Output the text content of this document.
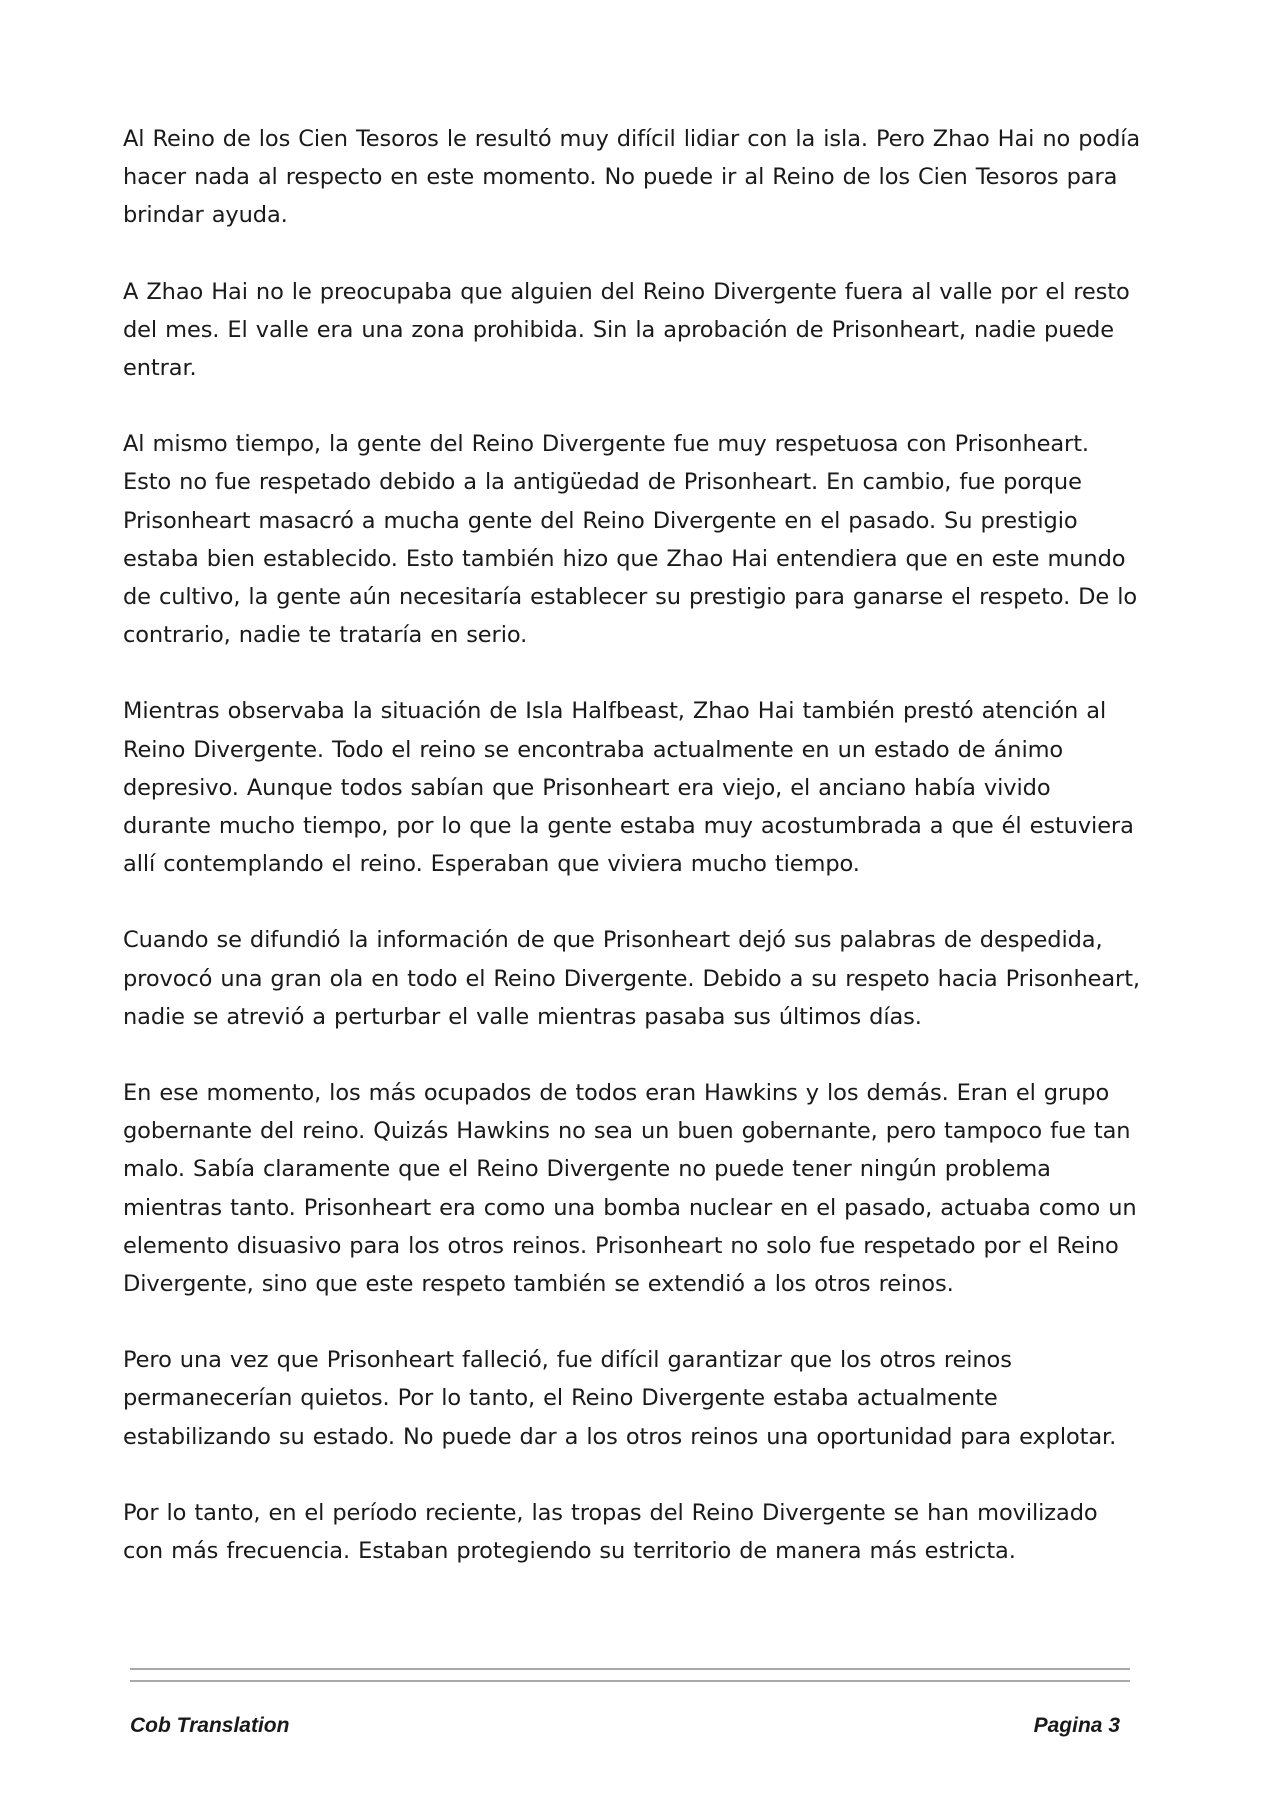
Al Reino de los Cien Tesoros le resultó muy difícil lidiar con la isla. Pero Zhao Hai no podía hacer nada al respecto en este momento. No puede ir al Reino de los Cien Tesoros para brindar ayuda.

A Zhao Hai no le preocupaba que alguien del Reino Divergente fuera al valle por el resto del mes. El valle era una zona prohibida. Sin la aprobación de Prisonheart, nadie puede entrar.

Al mismo tiempo, la gente del Reino Divergente fue muy respetuosa con Prisonheart. Esto no fue respetado debido a la antigüedad de Prisonheart. En cambio, fue porque Prisonheart masacró a mucha gente del Reino Divergente en el pasado. Su prestigio estaba bien establecido. Esto también hizo que Zhao Hai entendiera que en este mundo de cultivo, la gente aún necesitaría establecer su prestigio para ganarse el respeto. De lo contrario, nadie te trataría en serio.

Mientras observaba la situación de Isla Halfbeast, Zhao Hai también prestó atención al Reino Divergente. Todo el reino se encontraba actualmente en un estado de ánimo depresivo. Aunque todos sabían que Prisonheart era viejo, el anciano había vivido durante mucho tiempo, por lo que la gente estaba muy acostumbrada a que él estuviera allí contemplando el reino. Esperaban que viviera mucho tiempo.

Cuando se difundió la información de que Prisonheart dejó sus palabras de despedida, provocó una gran ola en todo el Reino Divergente. Debido a su respeto hacia Prisonheart, nadie se atrevió a perturbar el valle mientras pasaba sus últimos días.

En ese momento, los más ocupados de todos eran Hawkins y los demás. Eran el grupo gobernante del reino. Quizás Hawkins no sea un buen gobernante, pero tampoco fue tan malo. Sabía claramente que el Reino Divergente no puede tener ningún problema mientras tanto. Prisonheart era como una bomba nuclear en el pasado, actuaba como un elemento disuasivo para los otros reinos. Prisonheart no solo fue respetado por el Reino Divergente, sino que este respeto también se extendió a los otros reinos.

Pero una vez que Prisonheart falleció, fue difícil garantizar que los otros reinos permanecerían quietos. Por lo tanto, el Reino Divergente estaba actualmente estabilizando su estado. No puede dar a los otros reinos una oportunidad para explotar.

Por lo tanto, en el período reciente, las tropas del Reino Divergente se han movilizado con más frecuencia. Estaban protegiendo su territorio de manera más estricta.

Cob Translation	Pagina 3
